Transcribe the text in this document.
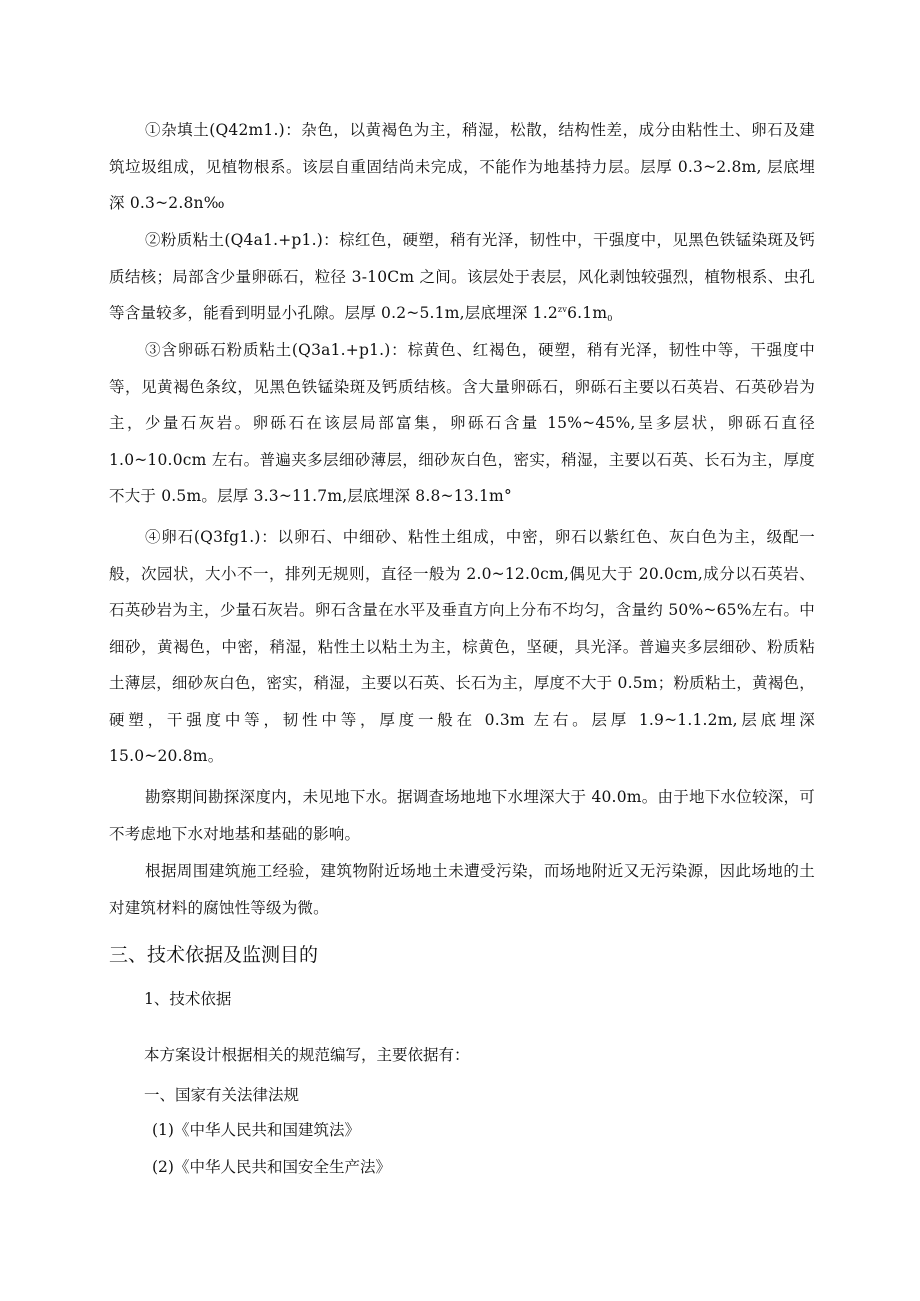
①杂填土(Q42m1.)：杂色，以黄褐色为主，稍湿，松散，结构性差，成分由粘性土、卵石及建筑垃圾组成，见植物根系。该层自重固结尚未完成，不能作为地基持力层。层厚 0.3~2.8m, 层底埋深 0.3~2.8n‰

②粉质粘土(Q4a1.+p1.)：棕红色，硬塑，稍有光泽，韧性中，干强度中，见黑色铁锰染斑及钙质结核；局部含少量卵砾石，粒径 3-10Cm 之间。该层处于表层，风化剥蚀较强烈，植物根系、虫孔等含量较多，能看到明显小孔隙。层厚 0.2~5.1m,层底埋深 $1.2^{zv}6.1m_0$

③含卵砾石粉质粘土(Q3a1.+p1.)：棕黄色、红褐色，硬塑，稍有光泽，韧性中等，干强度中等，见黄褐色条纹，见黑色铁锰染斑及钙质结核。含大量卵砾石，卵砾石主要以石英岩、石英砂岩为主，少量石灰岩。卵砾石在该层局部富集，卵砾石含量 15%~45%,呈多层状，卵砾石直径 1.0~10.0cm 左右。普遍夹多层细砂薄层，细砂灰白色，密实，稍湿，主要以石英、长石为主，厚度不大于 0.5m。层厚 3.3~11.7m,层底埋深 8.8~13.1m°

④卵石(Q3fg1.)：以卵石、中细砂、粘性土组成，中密，卵石以紫红色、灰白色为主，级配一般，次园状，大小不一，排列无规则，直径一般为 2.0~12.0cm,偶见大于 20.0cm,成分以石英岩、石英砂岩为主，少量石灰岩。卵石含量在水平及垂直方向上分布不均匀，含量约 50%~65%左右。中细砂，黄褐色，中密，稍湿，粘性土以粘土为主，棕黄色，坚硬，具光泽。普遍夹多层细砂、粉质粘土薄层，细砂灰白色，密实，稍湿，主要以石英、长石为主，厚度不大于 0.5m；粉质粘土，黄褐色，硬塑，干强度中等，韧性中等，厚度一般在 0.3m 左右。层厚 1.9~1.1.2m,层底埋深 15.0~20.8m。

勘察期间勘探深度内，未见地下水。据调查场地地下水埋深大于 40.0m。由于地下水位较深，可不考虑地下水对地基和基础的影响。

根据周围建筑施工经验，建筑物附近场地土未遭受污染，而场地附近又无污染源，因此场地的土对建筑材料的腐蚀性等级为微。

三、技术依据及监测目的

1、技术依据

本方案设计根据相关的规范编写，主要依据有：

一、国家有关法律法规

(1)《中华人民共和国建筑法》

(2)《中华人民共和国安全生产法》
